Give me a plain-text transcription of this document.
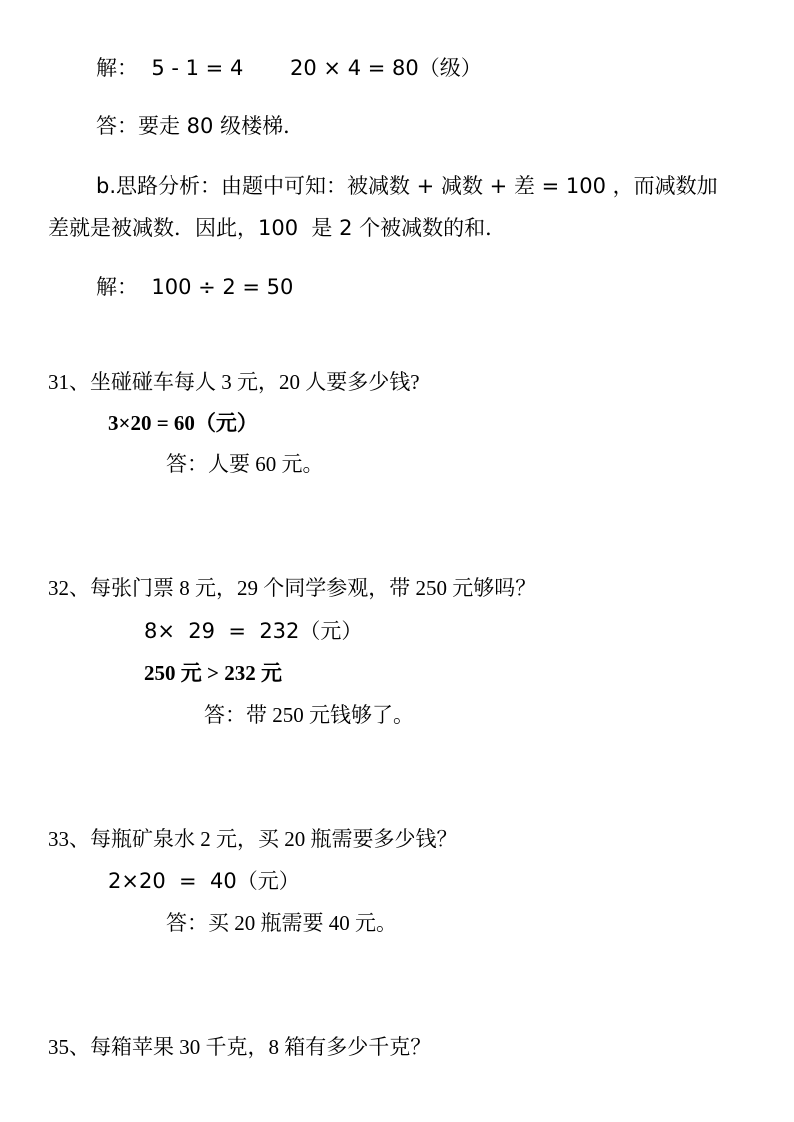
解：  5 - 1 = 4       20 × 4 = 80（级）

答：要走 80 级楼梯．

b.思路分析：由题中可知：被减数 + 减数 + 差 = 100 ，而减数加

差就是被减数．因此，100  是 2 个被减数的和．

解：  100 ÷ 2 = 50

31、坐碰碰车每人 3 元，20 人要多少钱?

3×20 = 60（元）

答：人要 60 元。

32、每张门票 8 元，29 个同学参观，带 250 元够吗？

8×  29  =  232（元）

250 元 > 232 元

答：带 250 元钱够了。

33、每瓶矿泉水 2 元，买 20 瓶需要多少钱？

2×20  =  40（元）

答：买 20 瓶需要 40 元。

35、每箱苹果 30 千克，8 箱有多少千克？
